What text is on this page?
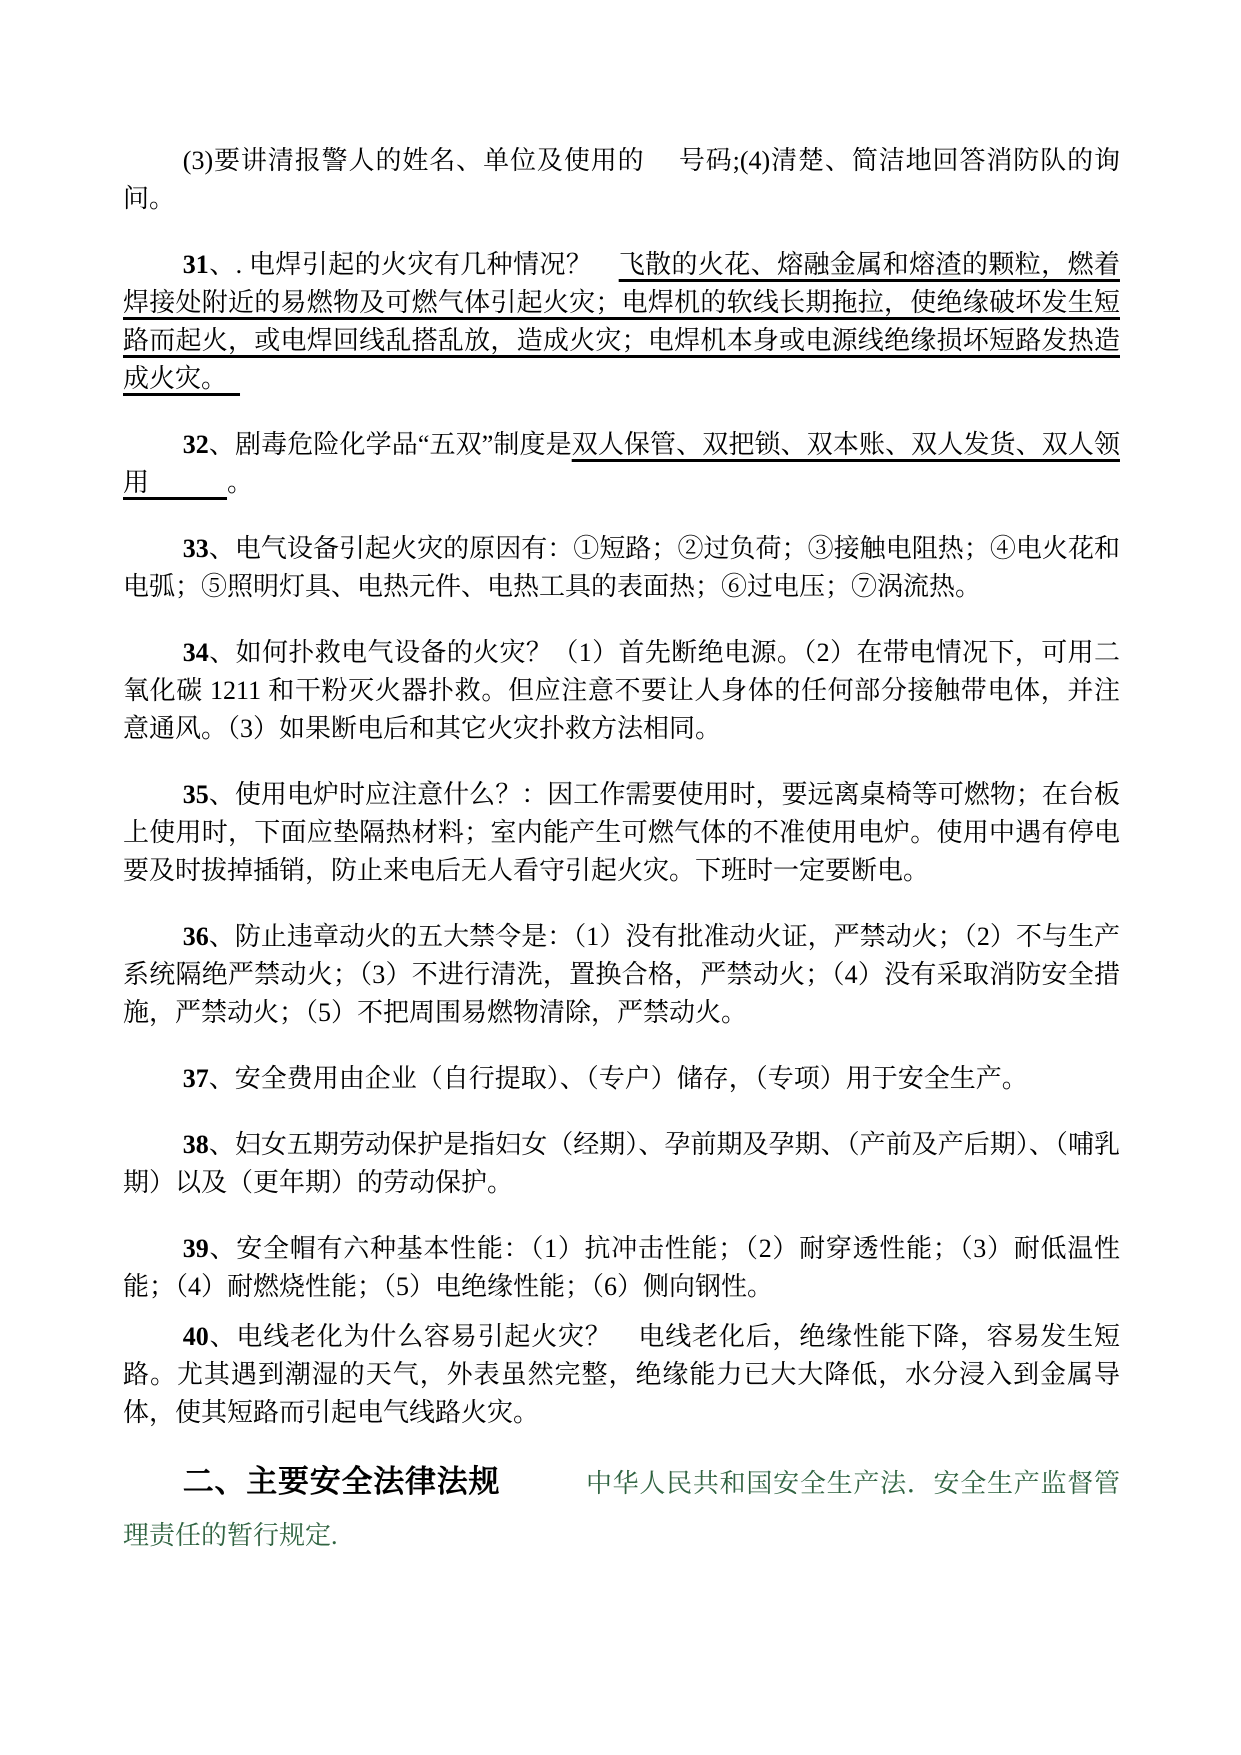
(3)要讲清报警人的姓名、单位及使用的　 号码;(4)清楚、简洁地回答消防队的询问。

31、. 电焊引起的火灾有几种情况？　飞散的火花、熔融金属和熔渣的颗粒，燃着焊接处附近的易燃物及可燃气体引起火灾；电焊机的软线长期拖拉，使绝缘破坏发生短路而起火，或电焊回线乱搭乱放，造成火灾；电焊机本身或电源线绝缘损坏短路发热造成火灾。　

32、剧毒危险化学品“五双”制度是双人保管、双把锁、双本账、双人发货、双人领用　　　。

33、电气设备引起火灾的原因有：①短路；②过负荷；③接触电阻热；④电火花和电弧；⑤照明灯具、电热元件、电热工具的表面热；⑥过电压；⑦涡流热。

34、如何扑救电气设备的火灾？（1）首先断绝电源。（2）在带电情况下，可用二氧化碳 1211 和干粉灭火器扑救。但应注意不要让人身体的任何部分接触带电体，并注意通风。（3）如果断电后和其它火灾扑救方法相同。

35、使用电炉时应注意什么？：因工作需要使用时，要远离桌椅等可燃物；在台板上使用时，下面应垫隔热材料；室内能产生可燃气体的不准使用电炉。使用中遇有停电要及时拔掉插销，防止来电后无人看守引起火灾。下班时一定要断电。

36、防止违章动火的五大禁令是：（1）没有批准动火证，严禁动火；（2）不与生产系统隔绝严禁动火；（3）不进行清洗，置换合格，严禁动火；（4）没有采取消防安全措施，严禁动火；（5）不把周围易燃物清除，严禁动火。

37、安全费用由企业（自行提取）、（专户）储存，（专项）用于安全生产。

38、妇女五期劳动保护是指妇女（经期）、孕前期及孕期、（产前及产后期）、（哺乳期）以及（更年期）的劳动保护。

39、安全帽有六种基本性能：（1）抗冲击性能；（2）耐穿透性能；（3）耐低温性能；（4）耐燃烧性能；（5）电绝缘性能；（6）侧向钢性。

40、电线老化为什么容易引起火灾？　电线老化后，绝缘性能下降，容易发生短路。尤其遇到潮湿的天气，外表虽然完整，绝缘能力已大大降低，水分浸入到金属导体，使其短路而引起电气线路火灾。

二、主要安全法律法规	中华人民共和国安全生产法．安全生产监督管理责任的暂行规定.
